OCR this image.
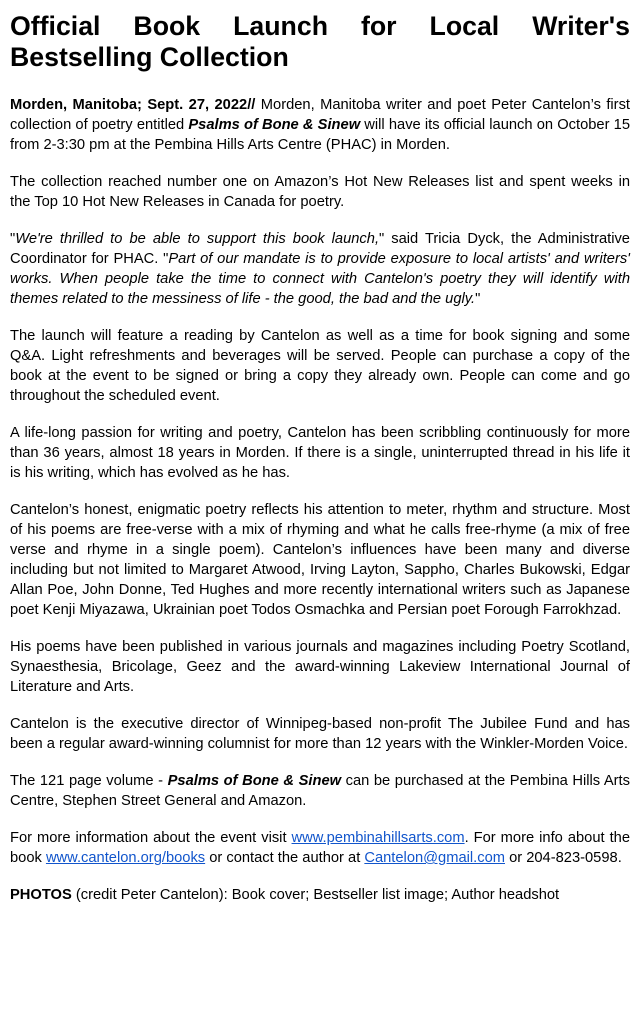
Official Book Launch for Local Writer's Bestselling Collection

Morden, Manitoba; Sept. 27, 2022// Morden, Manitoba writer and poet Peter Cantelon’s first collection of poetry entitled Psalms of Bone & Sinew will have its official launch on October 15 from 2-3:30 pm at the Pembina Hills Arts Centre (PHAC) in Morden.

The collection reached number one on Amazon’s Hot New Releases list and spent weeks in the Top 10 Hot New Releases in Canada for poetry.

"We're thrilled to be able to support this book launch," said Tricia Dyck, the Administrative Coordinator for PHAC. "Part of our mandate is to provide exposure to local artists' and writers' works. When people take the time to connect with Cantelon's poetry they will identify with themes related to the messiness of life - the good, the bad and the ugly."

The launch will feature a reading by Cantelon as well as a time for book signing and some Q&A. Light refreshments and beverages will be served. People can purchase a copy of the book at the event to be signed or bring a copy they already own. People can come and go throughout the scheduled event.

A life-long passion for writing and poetry, Cantelon has been scribbling continuously for more than 36 years, almost 18 years in Morden. If there is a single, uninterrupted thread in his life it is his writing, which has evolved as he has.

Cantelon’s honest, enigmatic poetry reflects his attention to meter, rhythm and structure. Most of his poems are free-verse with a mix of rhyming and what he calls free-rhyme (a mix of free verse and rhyme in a single poem). Cantelon’s influences have been many and diverse including but not limited to Margaret Atwood, Irving Layton, Sappho, Charles Bukowski, Edgar Allan Poe, John Donne, Ted Hughes and more recently international writers such as Japanese poet Kenji Miyazawa, Ukrainian poet Todos Osmachka and Persian poet Forough Farrokhzad.

His poems have been published in various journals and magazines including Poetry Scotland, Synaesthesia, Bricolage, Geez and the award-winning Lakeview International Journal of Literature and Arts.

Cantelon is the executive director of Winnipeg-based non-profit The Jubilee Fund and has been a regular award-winning columnist for more than 12 years with the Winkler-Morden Voice.

The 121 page volume - Psalms of Bone & Sinew can be purchased at the Pembina Hills Arts Centre, Stephen Street General and Amazon.

For more information about the event visit www.pembinahillsarts.com. For more info about the book www.cantelon.org/books or contact the author at Cantelon@gmail.com or 204-823-0598.

PHOTOS (credit Peter Cantelon): Book cover; Bestseller list image; Author headshot
